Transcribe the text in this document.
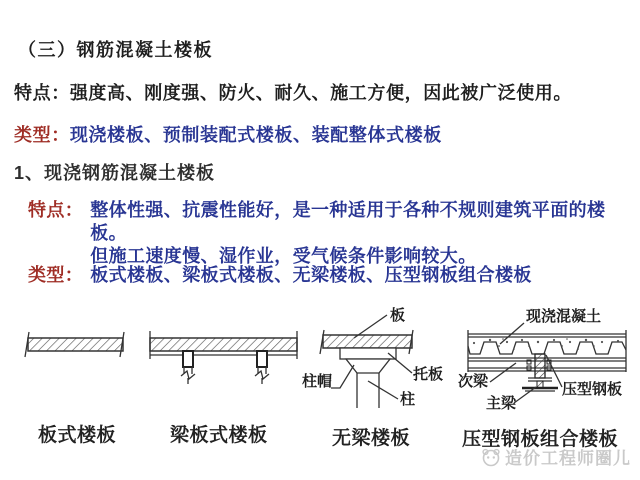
（三）钢筋混凝土楼板
特点：强度高、刚度强、防火、耐久、施工方便，因此被广泛使用。
类型：现浇楼板、预制装配式楼板、装配整体式楼板
1、现浇钢筋混凝土楼板
特点： 整体性强、抗震性能好，是一种适用于各种不规则建筑平面的楼板。
但施工速度慢、湿作业，受气候条件影响较大。
类型： 板式楼板、梁板式楼板、无梁楼板、压型钢板组合楼板
板
柱帽	托板
柱
现浇混凝土
次梁	压型钢板
主梁
板式楼板	梁板式楼板	无梁楼板	压型钢板组合楼板
造价工程师圈儿
